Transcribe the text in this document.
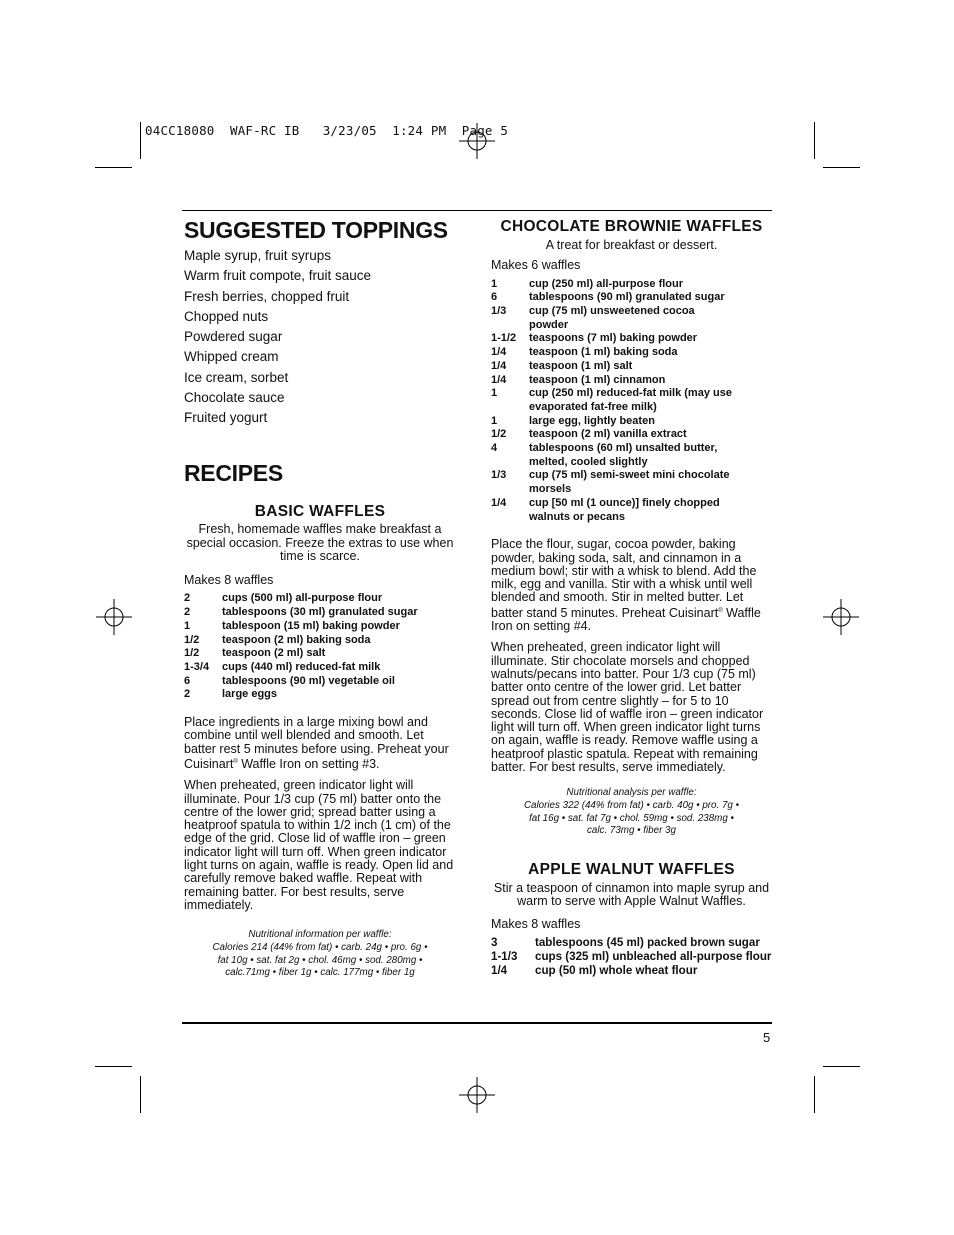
04CC18080  WAF-RC IB   3/23/05  1:24 PM  Page 5
5
SUGGESTED TOPPINGS
Maple syrup, fruit syrups
Warm fruit compote, fruit sauce
Fresh berries, chopped fruit
Chopped nuts
Powdered sugar
Whipped cream
Ice cream, sorbet
Chocolate sauce
Fruited yogurt
RECIPES
BASIC WAFFLES
Fresh, homemade waffles make breakfast a special occasion. Freeze the extras to use when time is scarce.
Makes 8 waffles
2	cups (500 ml) all-purpose flour
2	tablespoons (30 ml) granulated sugar
1	tablespoon (15 ml) baking powder
1/2	teaspoon (2 ml) baking soda
1/2	teaspoon (2 ml) salt
1-3/4	cups (440 ml) reduced-fat milk
6	tablespoons (90 ml) vegetable oil
2	large eggs
Place ingredients in a large mixing bowl and combine until well blended and smooth. Let batter rest 5 minutes before using. Preheat your Cuisinart® Waffle Iron on setting #3.
When preheated, green indicator light will illuminate. Pour 1/3 cup (75 ml) batter onto the centre of the lower grid; spread batter using a heatproof spatula to within 1/2 inch (1 cm) of the edge of the grid. Close lid of waffle iron – green indicator light will turn off. When green indicator light turns on again, waffle is ready. Open lid and carefully remove baked waffle. Repeat with remaining batter. For best results, serve immediately.
Nutritional information per waffle:
Calories 214 (44% from fat) • carb. 24g • pro. 6g •
fat 10g • sat. fat 2g • chol. 46mg • sod. 280mg •
calc.71mg • fiber 1g • calc. 177mg • fiber 1g
CHOCOLATE BROWNIE WAFFLES
A treat for breakfast or dessert.
Makes 6 waffles
1	cup (250 ml) all-purpose flour
6	tablespoons (90 ml) granulated sugar
1/3	cup (75 ml) unsweetened cocoa powder
1-1/2	teaspoons (7 ml) baking powder
1/4	teaspoon (1 ml) baking soda
1/4	teaspoon (1 ml) salt
1/4	teaspoon (1 ml) cinnamon
1	cup (250 ml) reduced-fat milk (may use evaporated fat-free milk)
1	large egg, lightly beaten
1/2	teaspoon (2 ml) vanilla extract
4	tablespoons (60 ml) unsalted butter, melted, cooled slightly
1/3	cup (75 ml) semi-sweet mini chocolate morsels
1/4	cup [50 ml (1 ounce)] finely chopped walnuts or pecans
Place the flour, sugar, cocoa powder, baking powder, baking soda, salt, and cinnamon in a medium bowl; stir with a whisk to blend. Add the milk, egg and vanilla. Stir with a whisk until well blended and smooth. Stir in melted butter. Let batter stand 5 minutes. Preheat Cuisinart® Waffle Iron on setting #4.
When preheated, green indicator light will illuminate. Stir chocolate morsels and chopped walnuts/pecans into batter. Pour 1/3 cup (75 ml) batter onto centre of the lower grid. Let batter spread out from centre slightly – for 5 to 10 seconds. Close lid of waffle iron – green indicator light will turn off. When green indicator light turns on again, waffle is ready. Remove waffle using a heatproof plastic spatula. Repeat with remaining batter. For best results, serve immediately.
Nutritional analysis per waffle:
Calories 322 (44% from fat) • carb. 40g • pro. 7g •
fat 16g • sat. fat 7g • chol. 59mg • sod. 238mg •
calc. 73mg • fiber 3g
APPLE WALNUT WAFFLES
Stir a teaspoon of cinnamon into maple syrup and warm to serve with Apple Walnut Waffles.
Makes 8 waffles
3	tablespoons (45 ml) packed brown sugar
1-1/3	cups (325 ml) unbleached all-purpose flour
1/4	cup (50 ml) whole wheat flour
